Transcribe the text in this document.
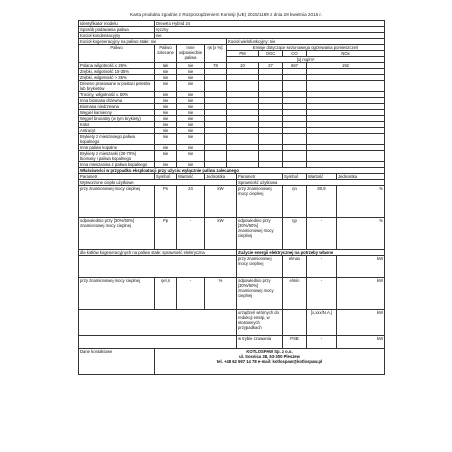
Karta produktu zgodnie z Rozporządzeniem Komisji (UE) 2015/1189 z dnia 28 kwietnia 2015 r.
Identyfikator modelu	DrewKo Hybrid 24								
Sposób podawania paliwa	ręczny								
Kocioł kondensacyjny	nie								
Kocioł kogeneracyjny na paliwo stałe: nie				Kocioł wielofunkcyjny: nie					
Paliwo	Paliwo zalecane	Inne odpowiednie paliwa	ηs [x %]:	Emisje dotyczące sezonowego ogrzewania pomieszczeń					
				PM		OGC	CO	NOx	
				[x] mg/m³					
Polana wilgotność ≤ 25%	tak	nie	78	10		27	667	192	
Zrębki, wilgotność 15-35%	nie	nie							
Zrębki, wilgotność > 35%	nie	nie							
Drewno prasowane w postaci peletów lub brykietów	nie	nie							
Trociny, wilgotność ≤ 50%	nie	nie							
Inna biomasa drzewna	nie	nie							
Biomasa niedrzewna	nie	nie							
Węgiel kamienny	nie	nie							
Węgiel brunatny (w tym brykiety)	nie	nie							
Koks	nie	nie							
Antracyt	nie	nie							
Brykiety z mieszanego paliwa kopalnego	nie	nie							
Inne paliwo kopalne	nie	nie							
Brykiety z mieszanki (30-70%) biomasy i paliwa kopalnego	nie	nie							
Inna mieszanina z paliwa kopalnego	nie	nie							
Właściwości w przypadku eksploatacji przy użyciu wyłącznie paliwa zalecanego									
Parametr	Symbol	Wartość	Jednostka		Parametr		Symbol	Wartość	Jednostka
Wytworzone ciepło użytkowe					Sprawność użytkowa				
przy znamionowej mocy cieplnej	Pn	24	kW		przy znamionowej mocy cieplnej		ηn	80,9	%
odpowiednio przy [30%/50%] znamionowej mocy cieplnej	Pp	-	kW		odpowiednio przy [30%/50%] znamionowej mocy cieplnej		ηp	-	%
dla kotłów kogeneracyjnych na paliwo stałe: sprawność elektryczna					Zużycie energii elektrycznej na potrzeby własne				
					przy znamionowej mocy cieplnej		elmax	-	kW
przy znamionowej mocy cieplnej	ηel,n	-	%		odpowiednio przy [30%/50%] znamionowej mocy cieplnej		elmin	-	kW
					urządzeń wtórnych do redukcji emisji, w stosownych przypadkach			[x,xxx/N.A.]	kW
					w trybie czuwania		PSB	-	kW
Dane kontaktowe	KOTLOSPAW Sp. z o.o.
ul. Sosnica 38, 63-300 Pleszew
tel. +48 62 597 14 78 e-mail: kotlospaw@kotlospaw.pl								
